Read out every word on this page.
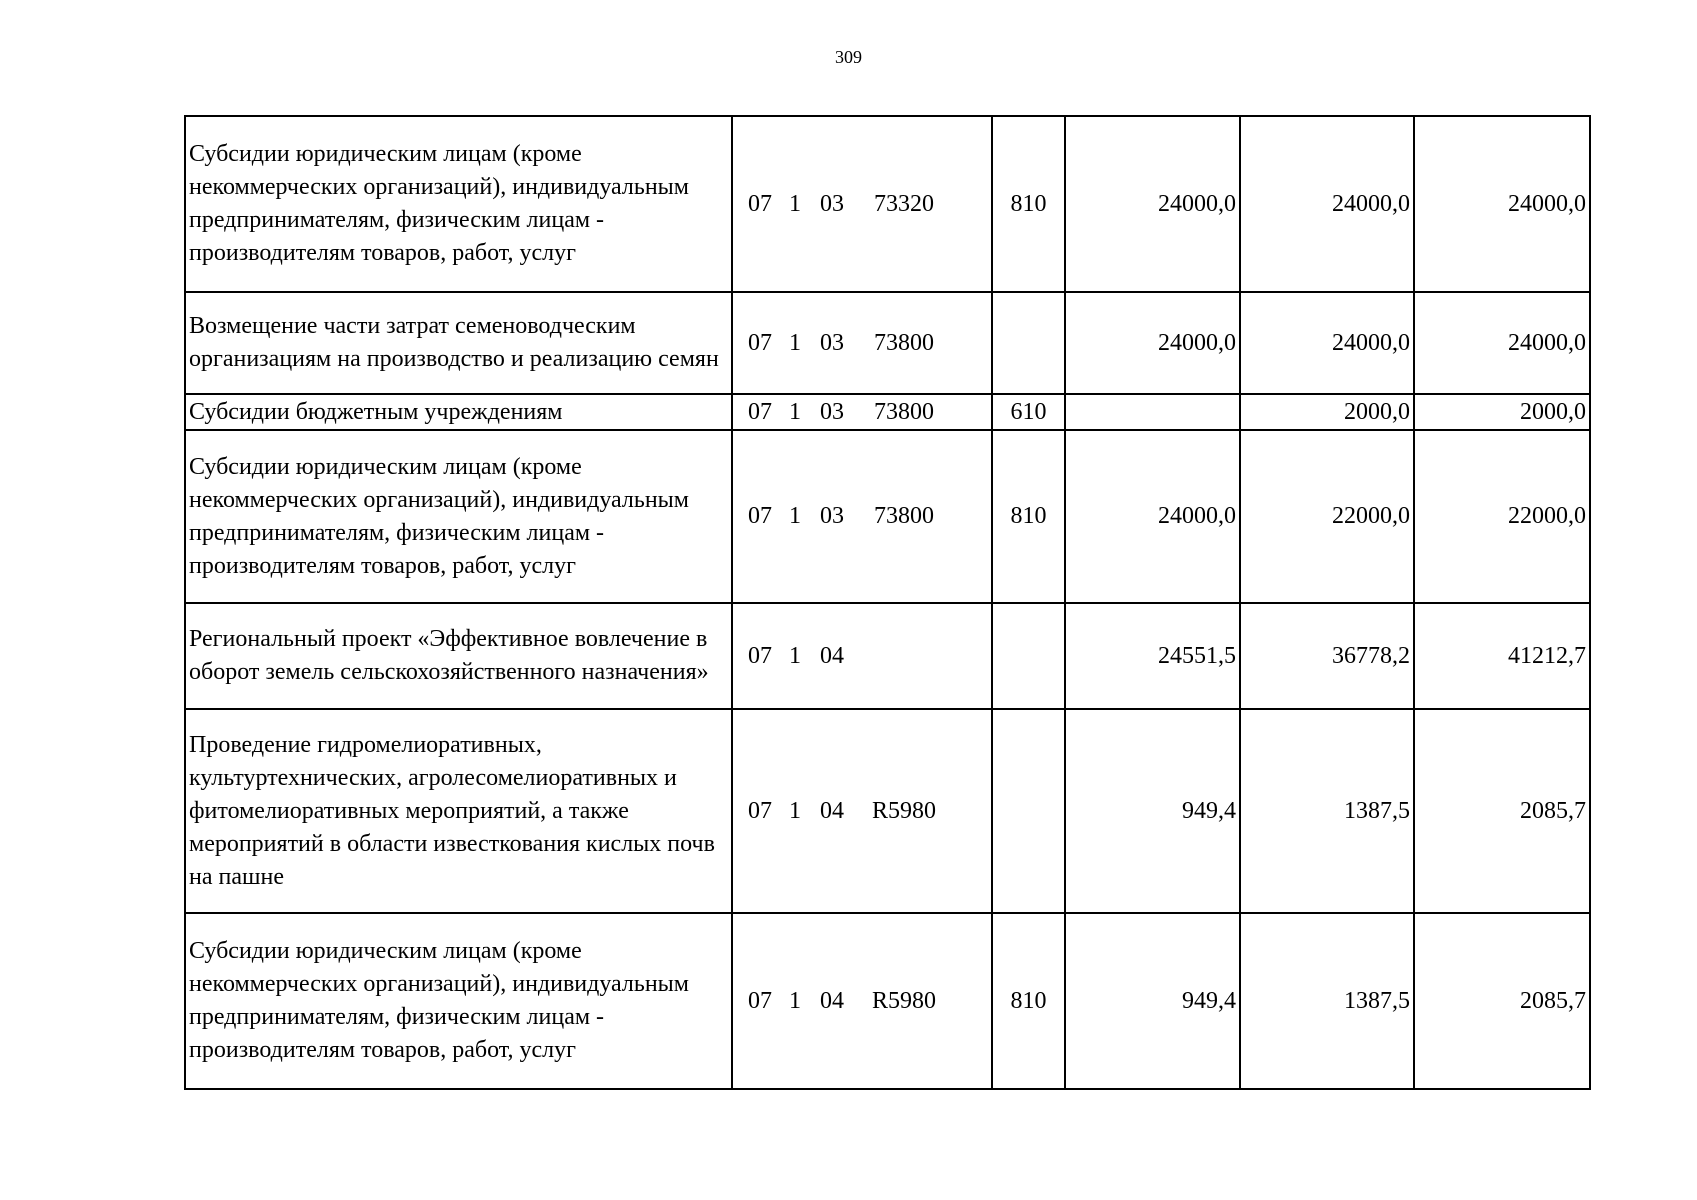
309
Субсидии юридическим лицам (кроме некоммерческих организаций), индивидуальным предпринимателям, физическим лицам - производителям товаров, работ, услуг	07 1 03 73320	810	24000,0	24000,0	24000,0
Возмещение части затрат семеноводческим организациям на производство и реализацию семян	07 1 03 73800		24000,0	24000,0	24000,0
Субсидии бюджетным учреждениям	07 1 03 73800	610		2000,0	2000,0
Субсидии юридическим лицам (кроме некоммерческих организаций), индивидуальным предпринимателям, физическим лицам - производителям товаров, работ, услуг	07 1 03 73800	810	24000,0	22000,0	22000,0
Региональный проект «Эффективное вовлечение в оборот земель сельскохозяйственного назначения»	07 1 04		24551,5	36778,2	41212,7
Проведение гидромелиоративных, культуртехнических, агролесомелиоративных и фитомелиоративных мероприятий, а также мероприятий в области известкования кислых почв на пашне	07 1 04 R5980		949,4	1387,5	2085,7
Субсидии юридическим лицам (кроме некоммерческих организаций), индивидуальным предпринимателям, физическим лицам - производителям товаров, работ, услуг	07 1 04 R5980	810	949,4	1387,5	2085,7
